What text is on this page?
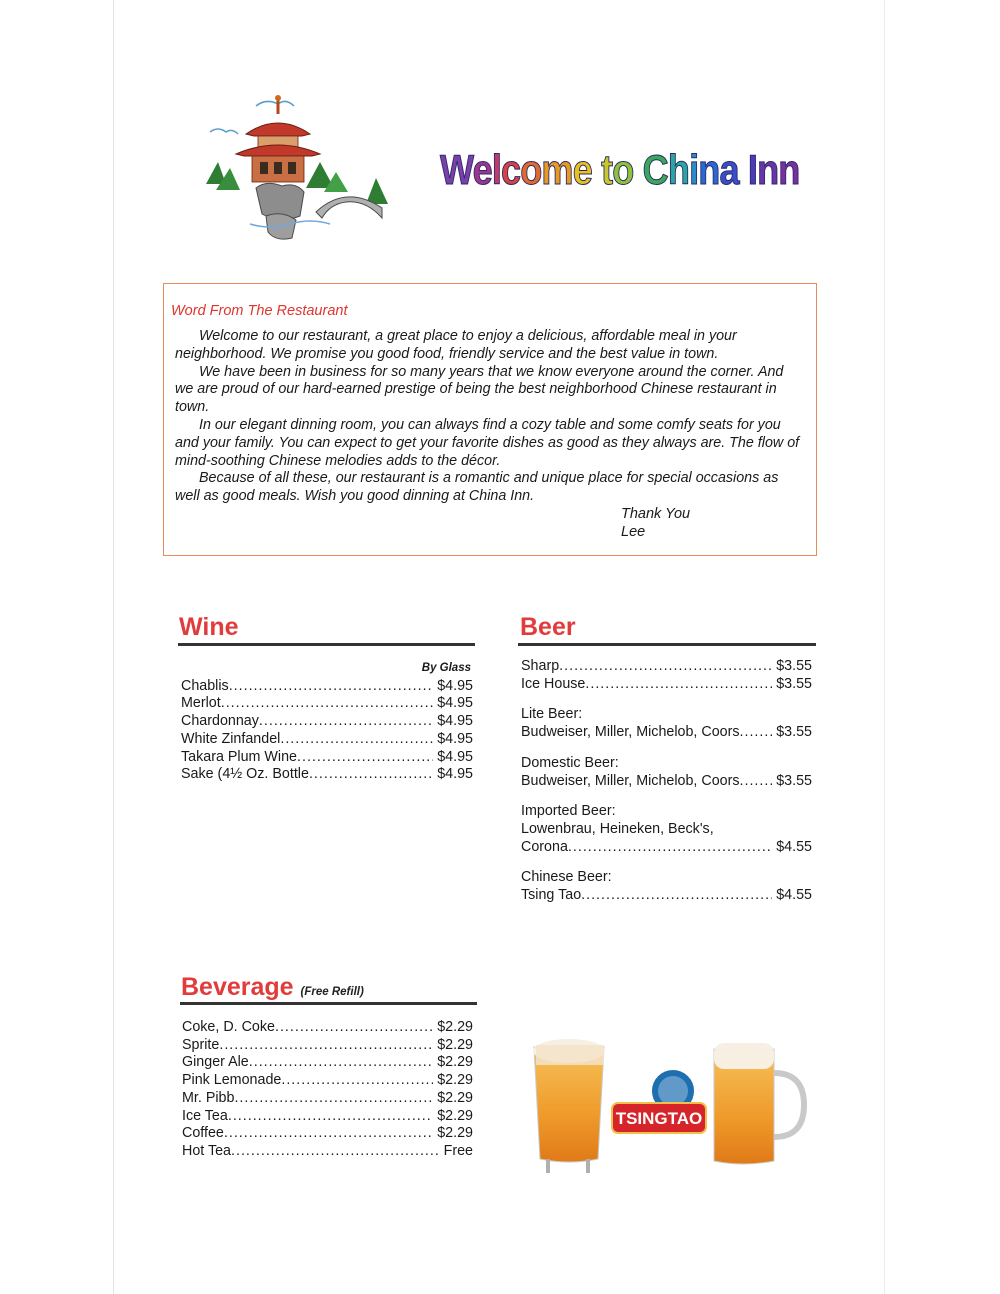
Welcome to China Inn
Word From The Restaurant

Welcome to our restaurant, a great place to enjoy a delicious, affordable meal in your neighborhood. We promise you good food, friendly service and the best value in town.

We have been in business for so many years that we know everyone around the corner. And we are proud of our hard-earned prestige of being the best neighborhood Chinese restaurant in town.

In our elegant dinning room, you can always find a cozy table and some comfy seats for you and your family. You can expect to get your favorite dishes as good as they always are. The flow of mind-soothing Chinese melodies adds to the décor.

Because of all these, our restaurant is a romantic and unique place for special occasions as well as good meals. Wish you good dinning at China Inn.

Thank You
Lee
Wine
By Glass
Chablis .....	$4.95
Merlot .....	$4.95
Chardonnay .....	$4.95
White Zinfandel .....	$4.95
Takara Plum Wine .....	$4.95
Sake (4½ Oz. Bottle .....	$4.95
Beer
Sharp .....	$3.55
Ice House .....	$3.55
Lite Beer:
Budweiser, Miller, Michelob, Coors .....	$3.55
Domestic Beer:
Budweiser, Miller, Michelob, Coors .....	$3.55
Imported Beer:
Lowenbrau, Heineken, Beck's,
Corona .....	$4.55
Chinese Beer:
Tsing Tao .....	$4.55
Beverage (Free Refill)
Coke, D. Coke .....	$2.29
Sprite .....	$2.29
Ginger Ale .....	$2.29
Pink Lemonade .....	$2.29
Mr. Pibb .....	$2.29
Ice Tea .....	$2.29
Coffee .....	$2.29
Hot Tea .....	Free
TSINGTAO
